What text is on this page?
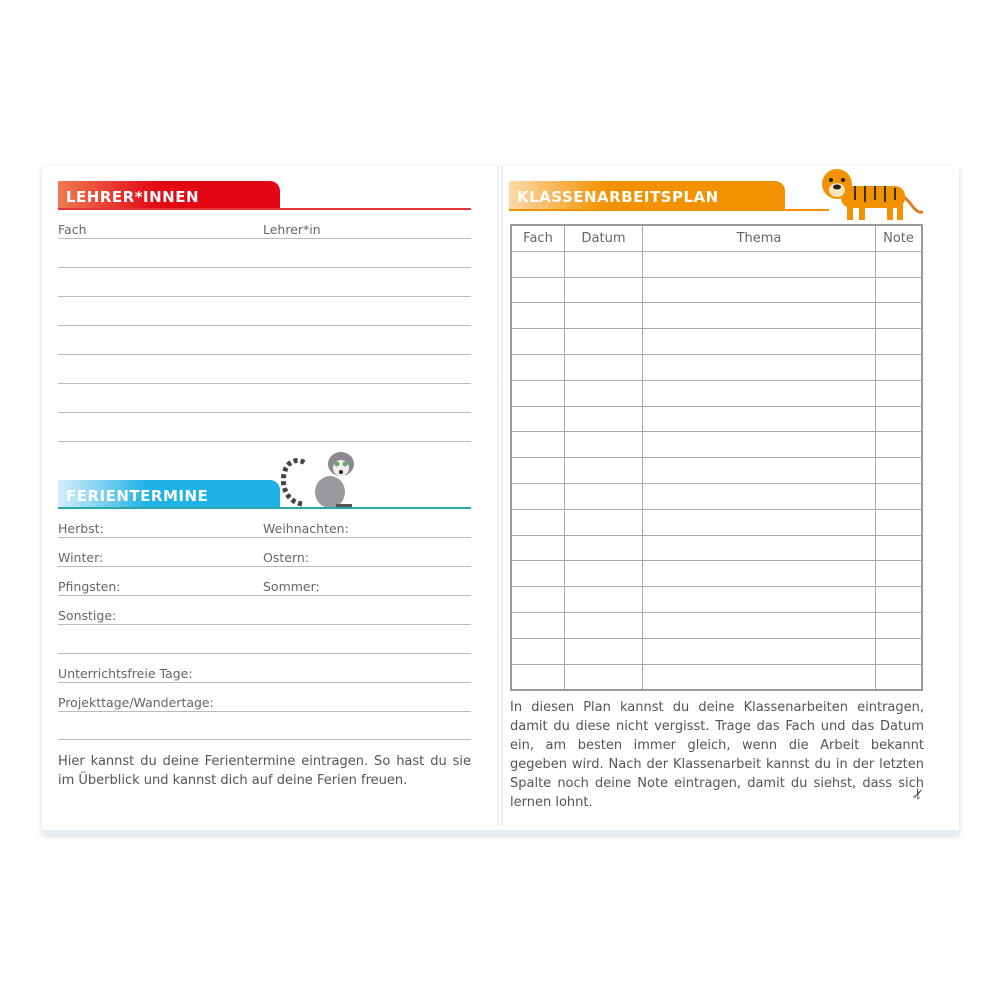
LEHRER*INNEN
Fach	Lehrer*in
FERIENTERMINE
Herbst:	Weihnachten:
Winter:	Ostern:
Pfingsten:	Sommer:
Sonstige:
Unterrichtsfreie Tage:
Projekttage/Wandertage:
Hier kannst du deine Ferientermine eintragen. So hast du sie im Überblick und kannst dich auf deine Ferien freuen.
KLASSENARBEITSPLAN
Fach	Datum	Thema	Note

In diesen Plan kannst du deine Klassenarbeiten eintragen, damit du diese nicht vergisst. Trage das Fach und das Datum ein, am besten immer gleich, wenn die Arbeit bekannt gegeben wird. Nach der Klassenarbeit kannst du in der letzten Spalte noch deine Note eintragen, damit du siehst, dass sich lernen lohnt.
✂
